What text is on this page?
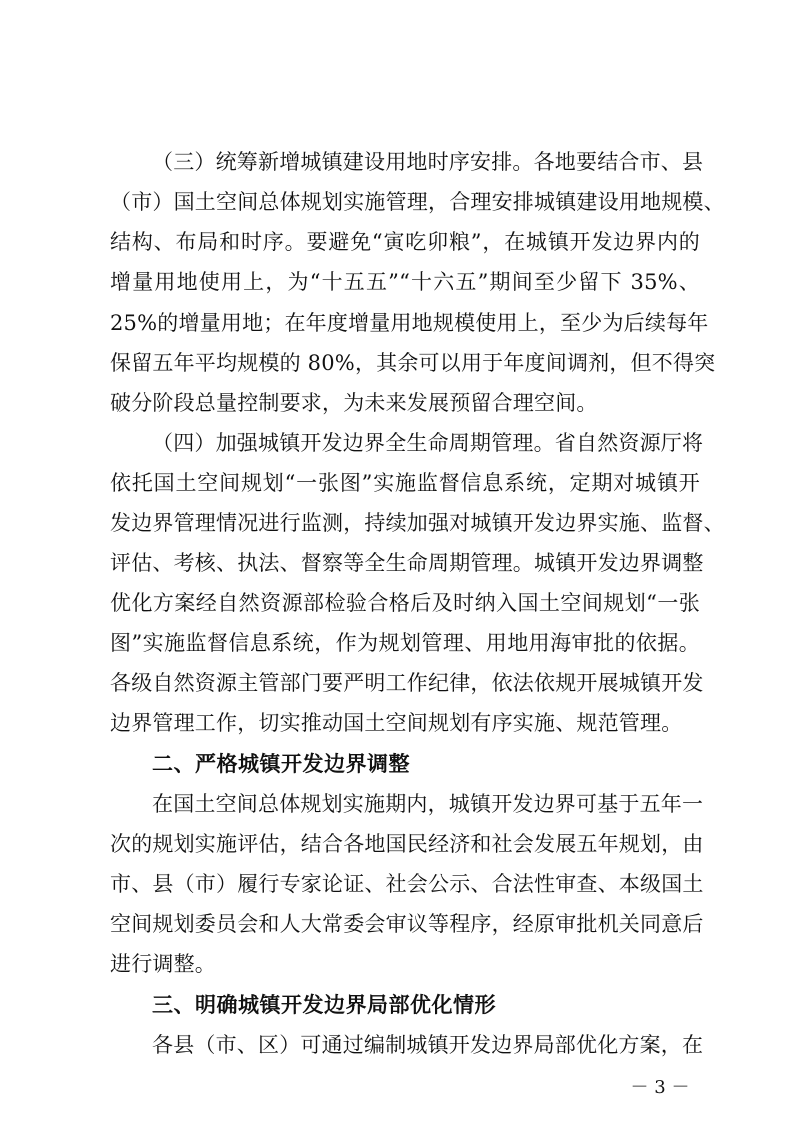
（三）统筹新增城镇建设用地时序安排。各地要结合市、县
（市）国土空间总体规划实施管理，合理安排城镇建设用地规模、
结构、布局和时序。要避免“寅吃卯粮”，在城镇开发边界内的
增量用地使用上，为“十五五”“十六五”期间至少留下 35%、
25%的增量用地；在年度增量用地规模使用上，至少为后续每年
保留五年平均规模的 80%，其余可以用于年度间调剂，但不得突
破分阶段总量控制要求，为未来发展预留合理空间。
（四）加强城镇开发边界全生命周期管理。省自然资源厅将
依托国土空间规划“一张图”实施监督信息系统，定期对城镇开
发边界管理情况进行监测，持续加强对城镇开发边界实施、监督、
评估、考核、执法、督察等全生命周期管理。城镇开发边界调整
优化方案经自然资源部检验合格后及时纳入国土空间规划“一张
图”实施监督信息系统，作为规划管理、用地用海审批的依据。
各级自然资源主管部门要严明工作纪律，依法依规开展城镇开发
边界管理工作，切实推动国土空间规划有序实施、规范管理。
二、严格城镇开发边界调整
在国土空间总体规划实施期内，城镇开发边界可基于五年一
次的规划实施评估，结合各地国民经济和社会发展五年规划，由
市、县（市）履行专家论证、社会公示、合法性审查、本级国土
空间规划委员会和人大常委会审议等程序，经原审批机关同意后
进行调整。
三、明确城镇开发边界局部优化情形
各县（市、区）可通过编制城镇开发边界局部优化方案，在
－ 3 －
